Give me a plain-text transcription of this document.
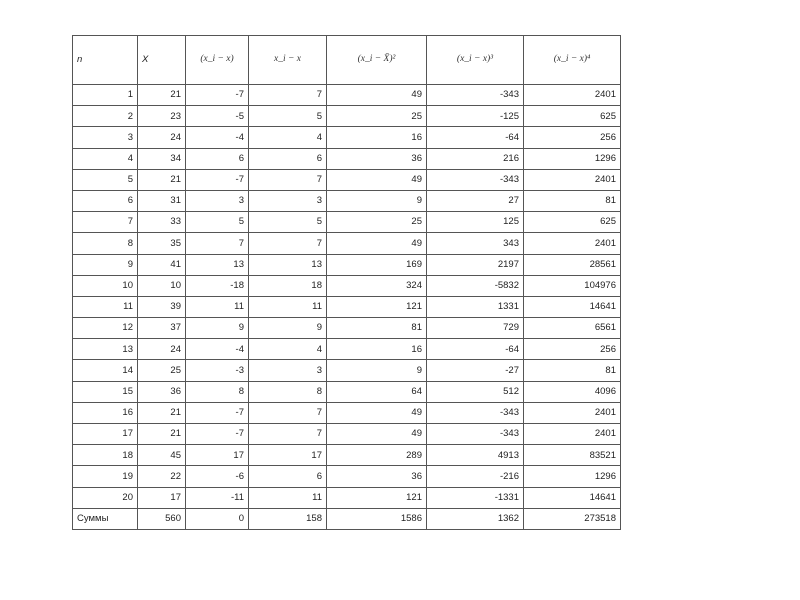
n	X	(x_i − x)	x_i − x	(x_i − X̄)²	(x_i − x)³	(x_i − x)⁴
1	21	-7	7	49	-343	2401
2	23	-5	5	25	-125	625
3	24	-4	4	16	-64	256
4	34	6	6	36	216	1296
5	21	-7	7	49	-343	2401
6	31	3	3	9	27	81
7	33	5	5	25	125	625
8	35	7	7	49	343	2401
9	41	13	13	169	2197	28561
10	10	-18	18	324	-5832	104976
11	39	11	11	121	1331	14641
12	37	9	9	81	729	6561
13	24	-4	4	16	-64	256
14	25	-3	3	9	-27	81
15	36	8	8	64	512	4096
16	21	-7	7	49	-343	2401
17	21	-7	7	49	-343	2401
18	45	17	17	289	4913	83521
19	22	-6	6	36	-216	1296
20	17	-11	11	121	-1331	14641
Суммы	560	0	158	1586	1362	273518
